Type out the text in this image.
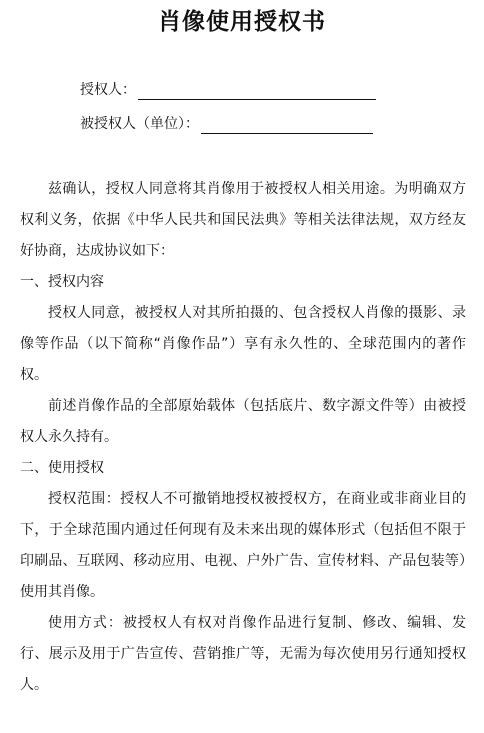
肖像使用授权书
授权人：
被授权人（单位）：

兹确认，授权人同意将其肖像用于被授权人相关用途。为明确双方权利义务，依据《中华人民共和国民法典》等相关法律法规，双方经友好协商，达成协议如下：

一、授权内容

授权人同意，被授权人对其所拍摄的、包含授权人肖像的摄影、录像等作品（以下简称“肖像作品”）享有永久性的、全球范围内的著作权。

前述肖像作品的全部原始载体（包括底片、数字源文件等）由被授权人永久持有。

二、使用授权

授权范围：授权人不可撤销地授权被授权方，在商业或非商业目的下，于全球范围内通过任何现有及未来出现的媒体形式（包括但不限于印刷品、互联网、移动应用、电视、户外广告、宣传材料、产品包装等）使用其肖像。

使用方式：被授权人有权对肖像作品进行复制、修改、编辑、发行、展示及用于广告宣传、营销推广等，无需为每次使用另行通知授权人。
